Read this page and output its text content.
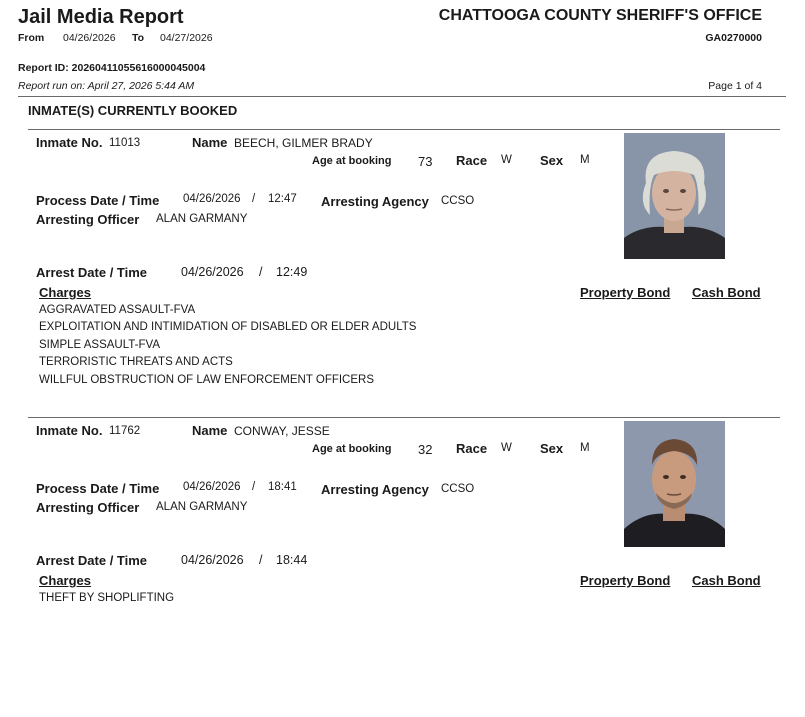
Jail Media Report	CHATTOOGA COUNTY SHERIFF'S OFFICE
From 04/26/2026 To 04/27/2026	GA0270000
Report ID: 20260411055616000045004
Report run on: April 27, 2026 5:44 AM	Page 1 of 4
INMATE(S) CURRENTLY BOOKED
Inmate No. 11013	Name BEECH, GILMER BRADY
Age at booking 73 Race W Sex M
Process Date / Time 04/26/2026 / 12:47 Arresting Agency CCSO
Arresting Officer ALAN GARMANY
Arrest Date / Time	04/26/2026 / 12:49
Charges	Property Bond Cash Bond
AGGRAVATED ASSAULT-FVA
EXPLOITATION AND INTIMIDATION OF DISABLED OR ELDER ADULTS
SIMPLE ASSAULT-FVA
TERRORISTIC THREATS AND ACTS
WILLFUL OBSTRUCTION OF LAW ENFORCEMENT OFFICERS
Inmate No. 11762	Name CONWAY, JESSE
Age at booking 32 Race W Sex M
Process Date / Time 04/26/2026 / 18:41 Arresting Agency CCSO
Arresting Officer ALAN GARMANY
Arrest Date / Time	04/26/2026 / 18:44
Charges	Property Bond Cash Bond
THEFT BY SHOPLIFTING
